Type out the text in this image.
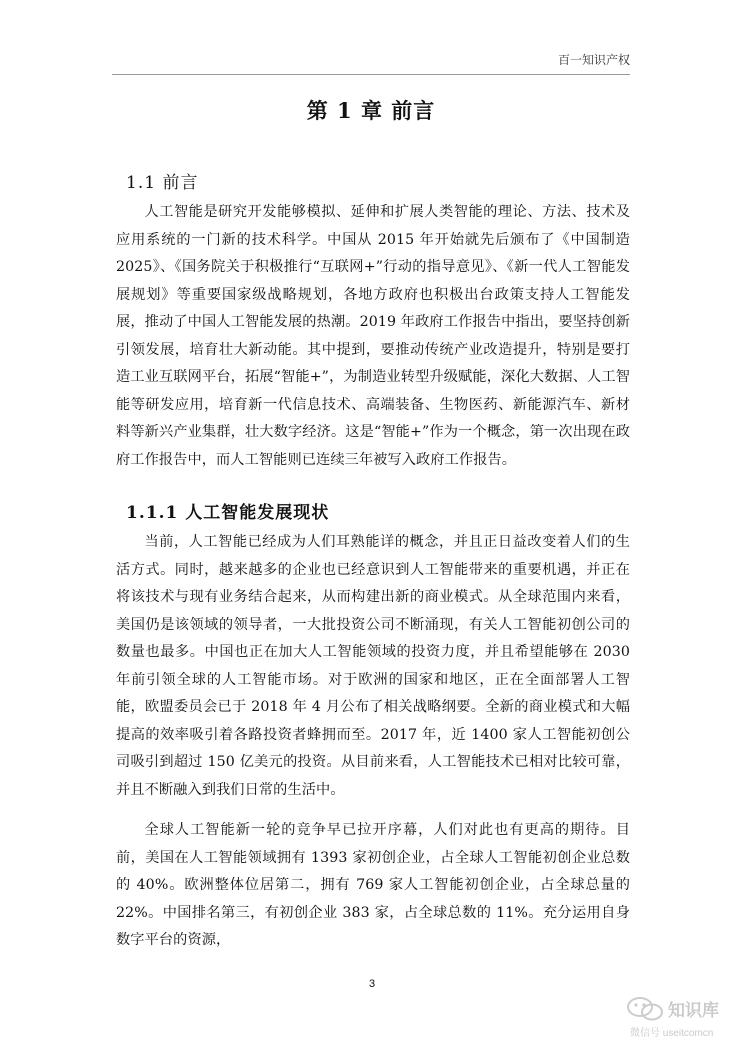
百一知识产权
第 1 章 前言
1.1 前言

人工智能是研究开发能够模拟、延伸和扩展人类智能的理论、方法、技术及应用系统的一门新的技术科学。中国从 2015 年开始就先后颁布了《中国制造2025》、《国务院关于积极推行“互联网+”行动的指导意见》、《新一代人工智能发展规划》等重要国家级战略规划，各地方政府也积极出台政策支持人工智能发展，推动了中国人工智能发展的热潮。2019 年政府工作报告中指出，要坚持创新引领发展，培育壮大新动能。其中提到，要推动传统产业改造提升，特别是要打造工业互联网平台，拓展“智能+”，为制造业转型升级赋能，深化大数据、人工智能等研发应用，培育新一代信息技术、高端装备、生物医药、新能源汽车、新材料等新兴产业集群，壮大数字经济。这是“智能+”作为一个概念，第一次出现在政府工作报告中，而人工智能则已连续三年被写入政府工作报告。

1.1.1 人工智能发展现状

当前，人工智能已经成为人们耳熟能详的概念，并且正日益改变着人们的生活方式。同时，越来越多的企业也已经意识到人工智能带来的重要机遇，并正在将该技术与现有业务结合起来，从而构建出新的商业模式。从全球范围内来看，美国仍是该领域的领导者，一大批投资公司不断涌现，有关人工智能初创公司的数量也最多。中国也正在加大人工智能领域的投资力度，并且希望能够在 2030 年前引领全球的人工智能市场。对于欧洲的国家和地区，正在全面部署人工智能，欧盟委员会已于 2018 年 4 月公布了相关战略纲要。全新的商业模式和大幅提高的效率吸引着各路投资者蜂拥而至。2017 年，近 1400 家人工智能初创公司吸引到超过 150 亿美元的投资。从目前来看，人工智能技术已相对比较可靠，并且不断融入到我们日常的生活中。

全球人工智能新一轮的竞争早已拉开序幕，人们对此也有更高的期待。目前，美国在人工智能领域拥有 1393 家初创企业，占全球人工智能初创企业总数的 40%。欧洲整体位居第二，拥有 769 家人工智能初创企业，占全球总量的 22%。中国排名第三，有初创企业 383 家，占全球总数的 11%。充分运用自身数字平台的资源，

3
知识库
微信号 useitcomcn
